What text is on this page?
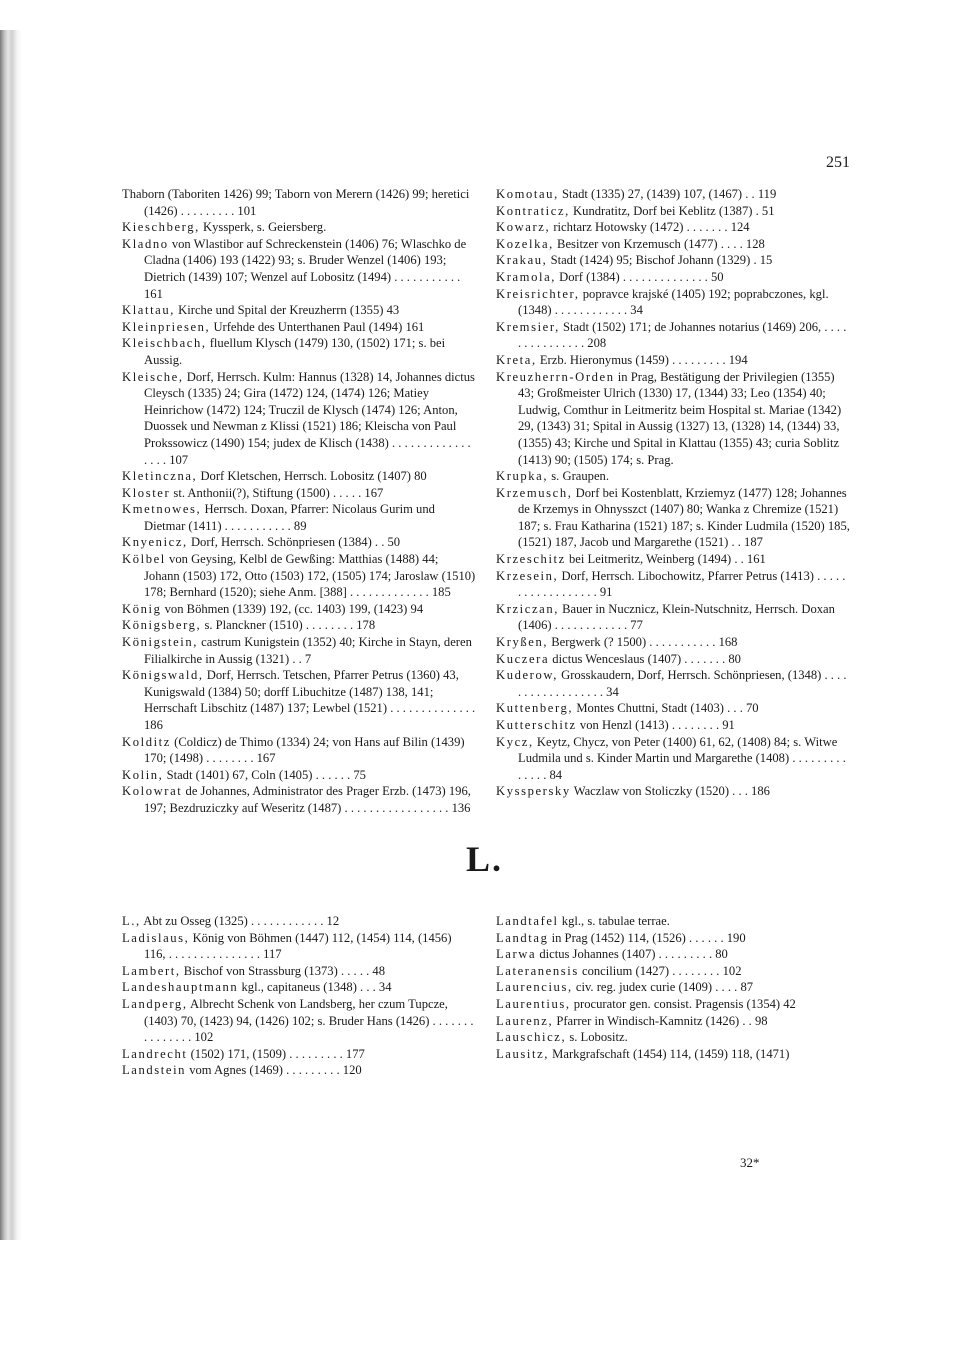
251

Thaborn (Taboriten 1426) 99; Taborn von Merern (1426) 99; heretici (1426) . . . . . . . . . 101

Kieschberg, Kyssperk, s. Geiersberg.

Kladno von Wlastibor auf Schreckenstein (1406) 76; Wlaschko de Cladna (1406) 193 (1422) 93; s. Bruder Wenzel (1406) 193; Dietrich (1439) 107; Wenzel auf Lobositz (1494) . . . . . . . . . . . 161

Klattau, Kirche und Spital der Kreuzherrn (1355) 43

Kleinpriesen, Urfehde des Unterthanen Paul (1494) 161

Kleischbach, fluellum Klysch (1479) 130, (1502) 171; s. bei Aussig.

Kleische, Dorf, Herrsch. Kulm: Hannus (1328) 14, Johannes dictus Cleysch (1335) 24; Gira (1472) 124, (1474) 126; Matiey Heinrichow (1472) 124; Truczil de Klysch (1474) 126; Anton, Duossek und Newman z Klissi (1521) 186; Kleischa von Paul Prokssowicz (1490) 154; judex de Klisch (1438) . . . . . . . . . . . . . . . . . 107

Kletinczna, Dorf Kletschen, Herrsch. Lobositz (1407) 80

Kloster st. Anthonii(?), Stiftung (1500) . . . . . 167

Kmetnowes, Herrsch. Doxan, Pfarrer: Nicolaus Gurim und Dietmar (1411) . . . . . . . . . . . 89

Knyenicz, Dorf, Herrsch. Schönpriesen (1384) . . 50

Kölbel von Geysing, Kelbl de Gewßing: Matthias (1488) 44; Johann (1503) 172, Otto (1503) 172, (1505) 174; Jaroslaw (1510) 178; Bernhard (1520); siehe Anm. [388] . . . . . . . . . . . . . 185

König von Böhmen (1339) 192, (cc. 1403) 199, (1423) 94

Königsberg, s. Planckner (1510) . . . . . . . . 178

Königstein, castrum Kunigstein (1352) 40; Kirche in Stayn, deren Filialkirche in Aussig (1321) . . 7

Königswald, Dorf, Herrsch. Tetschen, Pfarrer Petrus (1360) 43, Kunigswald (1384) 50; dorff Libuchitze (1487) 138, 141; Herrschaft Libschitz (1487) 137; Lewbel (1521) . . . . . . . . . . . . . . 186

Kolditz (Coldicz) de Thimo (1334) 24; von Hans auf Bilin (1439) 170; (1498) . . . . . . . . 167

Kolin, Stadt (1401) 67, Coln (1405) . . . . . . 75

Kolowrat de Johannes, Administrator des Prager Erzb. (1473) 196, 197; Bezdruziczky auf Weseritz (1487) . . . . . . . . . . . . . . . . . 136

Komotau, Stadt (1335) 27, (1439) 107, (1467) . . 119

Kontraticz, Kundratitz, Dorf bei Keblitz (1387) . 51

Kowarz, richtarz Hotowsky (1472) . . . . . . . 124

Kozelka, Besitzer von Krzemusch (1477) . . . . 128

Krakau, Stadt (1424) 95; Bischof Johann (1329) . 15

Kramola, Dorf (1384) . . . . . . . . . . . . . . 50

Kreisrichter, popravce krajské (1405) 192; poprabczones, kgl. (1348) . . . . . . . . . . . . 34

Kremsier, Stadt (1502) 171; de Johannes notarius (1469) 206, . . . . . . . . . . . . . . . 208

Kreta, Erzb. Hieronymus (1459) . . . . . . . . . 194

Kreuzherrn-Orden in Prag, Bestätigung der Privilegien (1355) 43; Großmeister Ulrich (1330) 17, (1344) 33; Leo (1354) 40; Ludwig, Comthur in Leitmeritz beim Hospital st. Mariae (1342) 29, (1343) 31; Spital in Aussig (1327) 13, (1328) 14, (1344) 33, (1355) 43; Kirche und Spital in Klattau (1355) 43; curia Soblitz (1413) 90; (1505) 174; s. Prag.

Krupka, s. Graupen.

Krzemusch, Dorf bei Kostenblatt, Krziemyz (1477) 128; Johannes de Krzemys in Ohnysszct (1407) 80; Wanka z Chremize (1521) 187; s. Frau Katharina (1521) 187; s. Kinder Ludmila (1520) 185, (1521) 187, Jacob und Margarethe (1521) . . 187

Krzeschitz bei Leitmeritz, Weinberg (1494) . . 161

Krzesein, Dorf, Herrsch. Libochowitz, Pfarrer Petrus (1413) . . . . . . . . . . . . . . . . . . 91

Krziczan, Bauer in Nucznicz, Klein-Nutschnitz, Herrsch. Doxan (1406) . . . . . . . . . . . . 77

Kryßen, Bergwerk (? 1500) . . . . . . . . . . . 168

Kuczera dictus Wenceslaus (1407) . . . . . . . 80

Kuderow, Grosskaudern, Dorf, Herrsch. Schönpriesen, (1348) . . . . . . . . . . . . . . . . . . 34

Kuttenberg, Montes Chuttni, Stadt (1403) . . . 70

Kutterschitz von Henzl (1413) . . . . . . . . 91

Kycz, Keytz, Chycz, von Peter (1400) 61, 62, (1408) 84; s. Witwe Ludmila und s. Kinder Martin und Margarethe (1408) . . . . . . . . . . . . . . 84

Kysspersky Waczlaw von Stoliczky (1520) . . . 186

L.

L., Abt zu Osseg (1325) . . . . . . . . . . . . 12

Ladislaus, König von Böhmen (1447) 112, (1454) 114, (1456) 116, . . . . . . . . . . . . . . . 117

Lambert, Bischof von Strassburg (1373) . . . . . 48

Landeshauptmann kgl., capitaneus (1348) . . . 34

Landperg, Albrecht Schenk von Landsberg, her czum Tupcze, (1403) 70, (1423) 94, (1426) 102; s. Bruder Hans (1426) . . . . . . . . . . . . . . . 102

Landrecht (1502) 171, (1509) . . . . . . . . . 177

Landstein vom Agnes (1469) . . . . . . . . . 120

Landtafel kgl., s. tabulae terrae.

Landtag in Prag (1452) 114, (1526) . . . . . . 190

Larwa dictus Johannes (1407) . . . . . . . . . 80

Lateranensis concilium (1427) . . . . . . . . 102

Laurencius, civ. reg. judex curie (1409) . . . . 87

Laurentius, procurator gen. consist. Pragensis (1354) 42

Laurenz, Pfarrer in Windisch-Kamnitz (1426) . . 98

Lauschicz, s. Lobositz.

Lausitz, Markgrafschaft (1454) 114, (1459) 118, (1471)

32*
